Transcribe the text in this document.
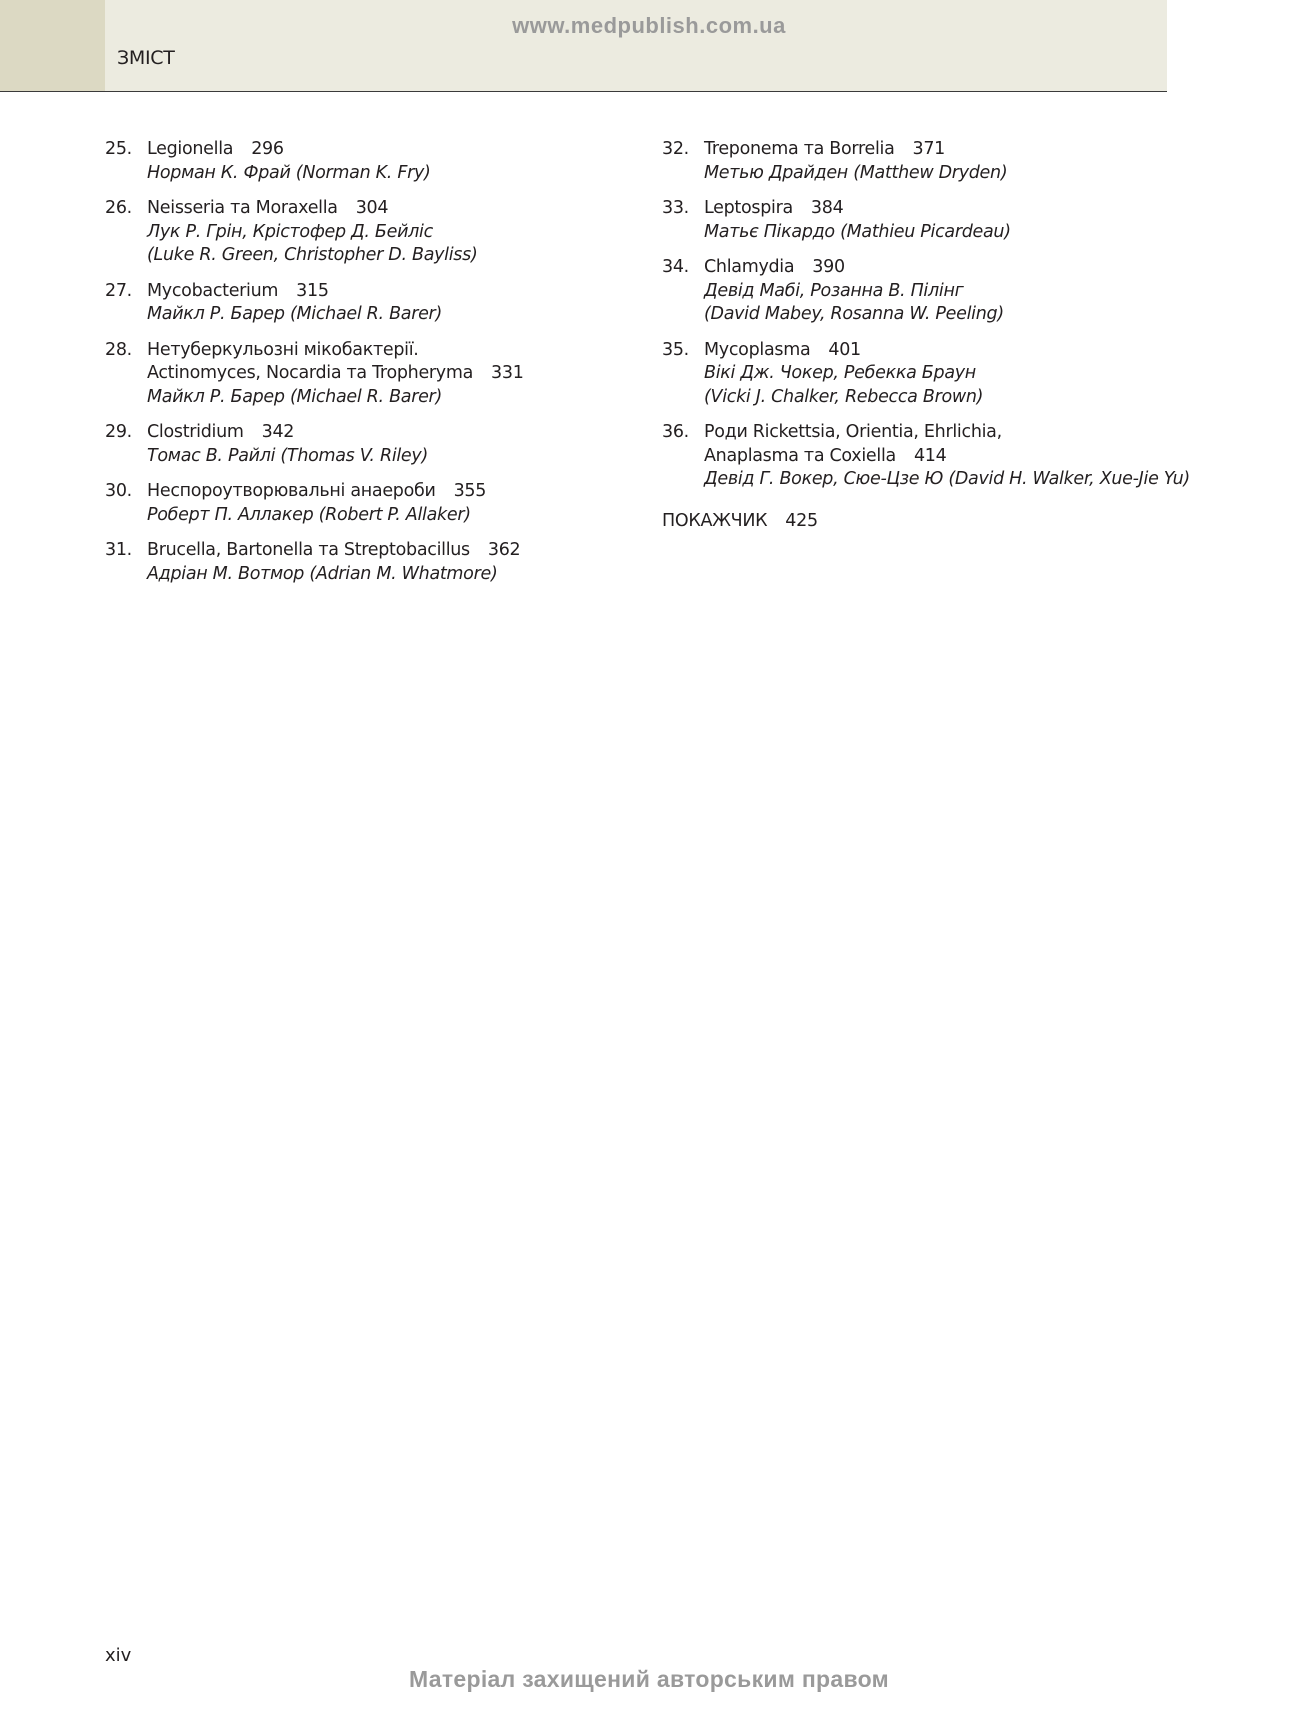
www.medpublish.com.ua
ЗМІСТ
25. Legionella 296
Норман К. Фрай (Norman K. Fry)
26. Neisseria та Moraxella 304
Лук Р. Грін, Крістофер Д. Бейліс
(Luke R. Green, Christopher D. Bayliss)
27. Mycobacterium 315
Майкл Р. Барер (Michael R. Barer)
28. Нетуберкульозні мікобактерії.
Actinomyces, Nocardia та Tropheryma 331
Майкл Р. Барер (Michael R. Barer)
29. Clostridium 342
Томас В. Райлі (Thomas V. Riley)
30. Неспороутворювальні анаероби 355
Роберт П. Аллакер (Robert P. Allaker)
31. Brucella, Bartonella та Streptobacillus 362
Адріан М. Вотмор (Adrian M. Whatmore)
32. Treponema та Borrelia 371
Метью Драйден (Matthew Dryden)
33. Leptospira 384
Матьє Пікардо (Mathieu Picardeau)
34. Chlamydia 390
Девід Мабі, Розанна В. Пілінг
(David Mabey, Rosanna W. Peeling)
35. Mycoplasma 401
Вікі Дж. Чокер, Ребекка Браун
(Vicki J. Chalker, Rebecca Brown)
36. Роди Rickettsia, Orientia, Ehrlichia,
Anaplasma та Coxiella 414
Девід Г. Вокер, Сюе-Цзе Ю (David H. Walker, Xue-Jie Yu)
ПОКАЖЧИК 425
xiv
Матеріал захищений авторським правом
